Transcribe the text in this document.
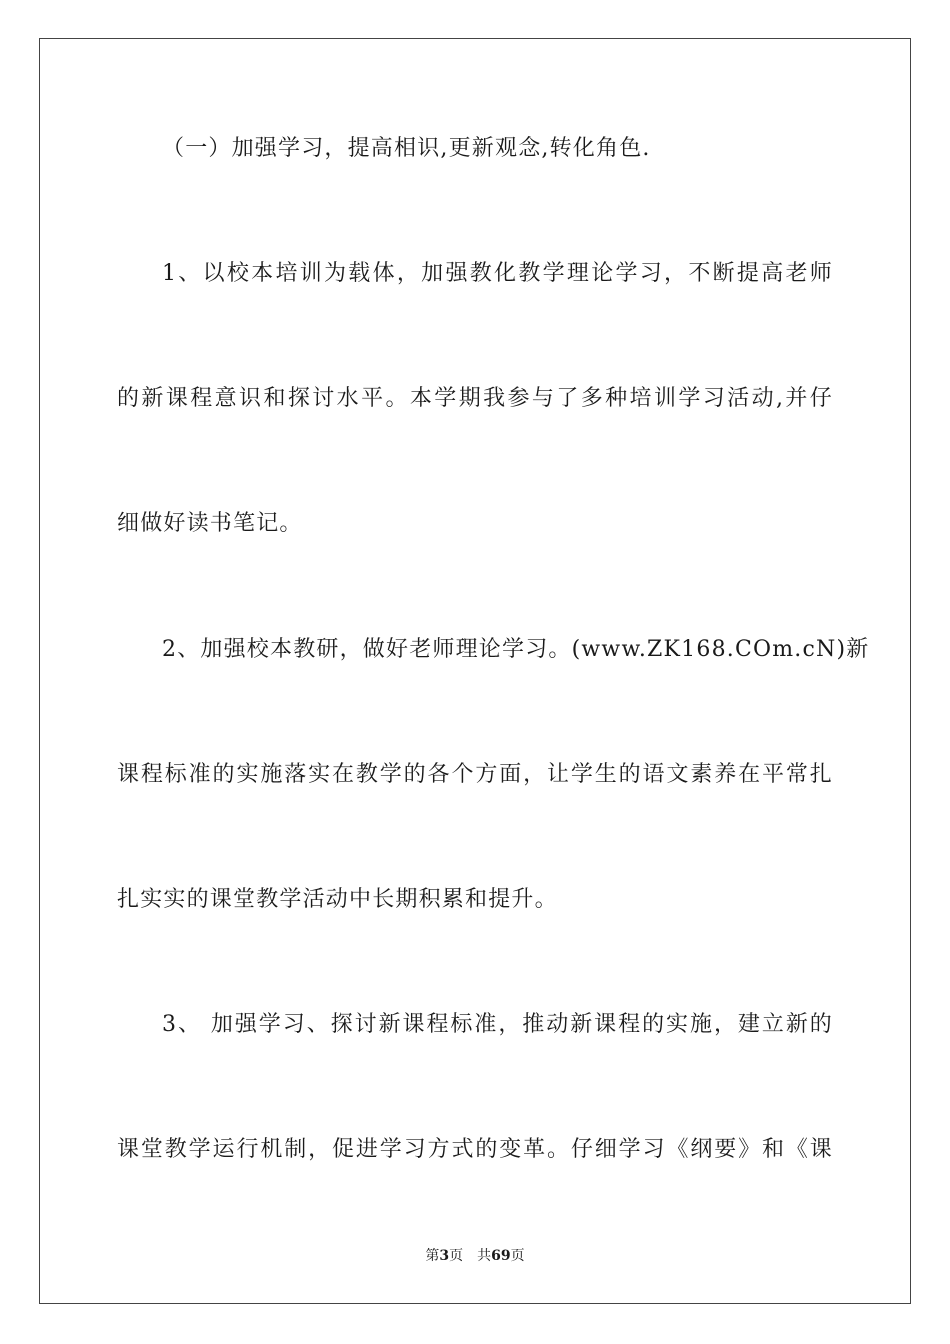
（一）加强学习，提高相识,更新观念,转化角色.
1、以校本培训为载体，加强教化教学理论学习，不断提高老师
的新课程意识和探讨水平。本学期我参与了多种培训学习活动,并仔
细做好读书笔记。
2、加强校本教研，做好老师理论学习。(www.ZK168.COm.cN)新
课程标准的实施落实在教学的各个方面，让学生的语文素养在平常扎
扎实实的课堂教学活动中长期积累和提升。
3、 加强学习、探讨新课程标准，推动新课程的实施，建立新的
课堂教学运行机制，促进学习方式的变革。仔细学习《纲要》和《课
第3页 共69页
